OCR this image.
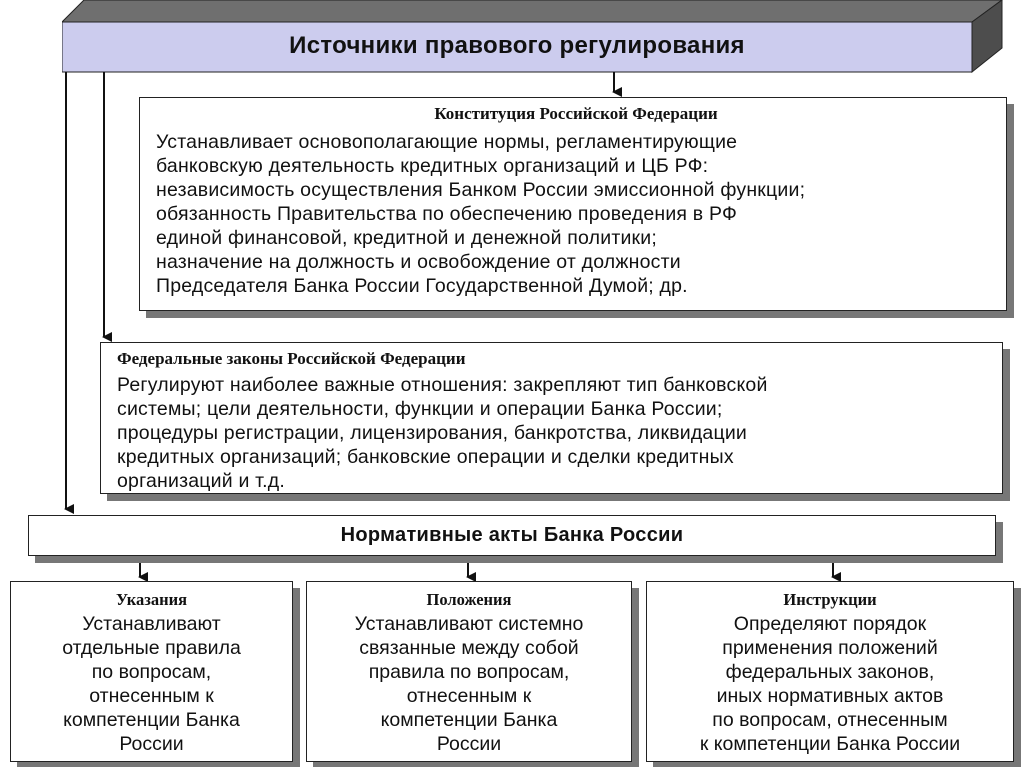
Источники правового регулирования
Конституция Российской Федерации
Устанавливает основополагающие нормы, регламентирующие
банковскую деятельность кредитных организаций и ЦБ РФ:
независимость осуществления Банком России эмиссионной функции;
обязанность Правительства по обеспечению проведения в РФ
единой финансовой, кредитной и денежной политики;
назначение на должность и освобождение от должности
Председателя Банка России Государственной Думой; др.
Федеральные законы Российской Федерации
Регулируют наиболее важные отношения: закрепляют тип банковской
системы; цели деятельности, функции и операции Банка России;
процедуры регистрации, лицензирования, банкротства, ликвидации
кредитных организаций; банковские операции и сделки кредитных
организаций и т.д.
Нормативные акты Банка России
Указания
Устанавливают
отдельные правила
по вопросам,
отнесенным к
компетенции Банка
России
Положения
Устанавливают системно
связанные между собой
правила по вопросам,
отнесенным к
компетенции Банка
России
Инструкции
Определяют порядок
применения положений
федеральных законов,
иных нормативных актов
по вопросам, отнесенным
к компетенции Банка России
